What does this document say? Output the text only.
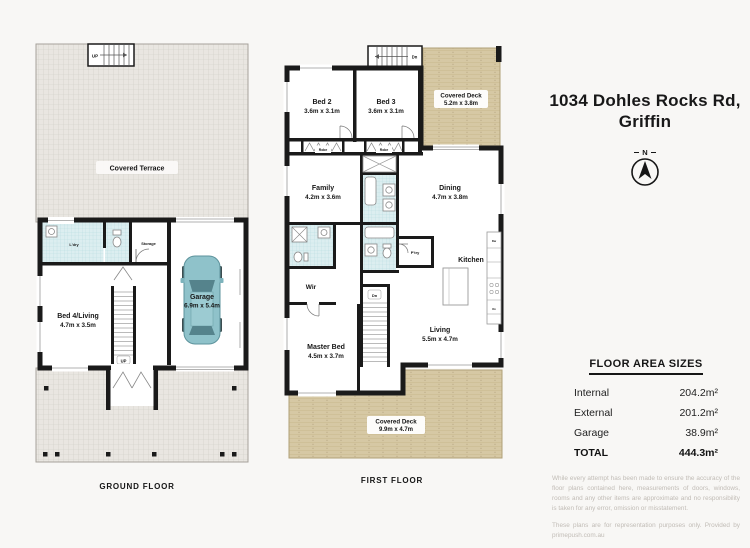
UP
Covered Terrace
UP
L'dry	Storage
Bed 4/Living
4.7m x 3.5m
Garage
6.9m x 5.4m
GROUND FLOOR
Covered Deck
5.2m x 3.8m
Covered Deck
9.9m x 4.7m
Dn
Robe	Robe
Dn
Dw
Ov
Bed 2
3.6m x 3.1m
Bed 3
3.6m x 3.1m
Family
4.2m x 3.6m
Dining
4.7m x 3.8m
Kitchen
P'try
Wir
Master Bed
4.5m x 3.7m
Living
5.5m x 4.7m
FIRST FLOOR
1034 Dohles Rocks Rd,
Griffin
N
FLOOR AREA SIZES
Internal	204.2m²
External	201.2m²
Garage	38.9m²
TOTAL	444.3m²

While every attempt has been made to ensure the accuracy of the floor plans contained here, measurements of doors, windows, rooms and any other items are approximate and no responsibility is taken for any error, omission or misstatement.

These plans are for representation purposes only. Provided by primepush.com.au
